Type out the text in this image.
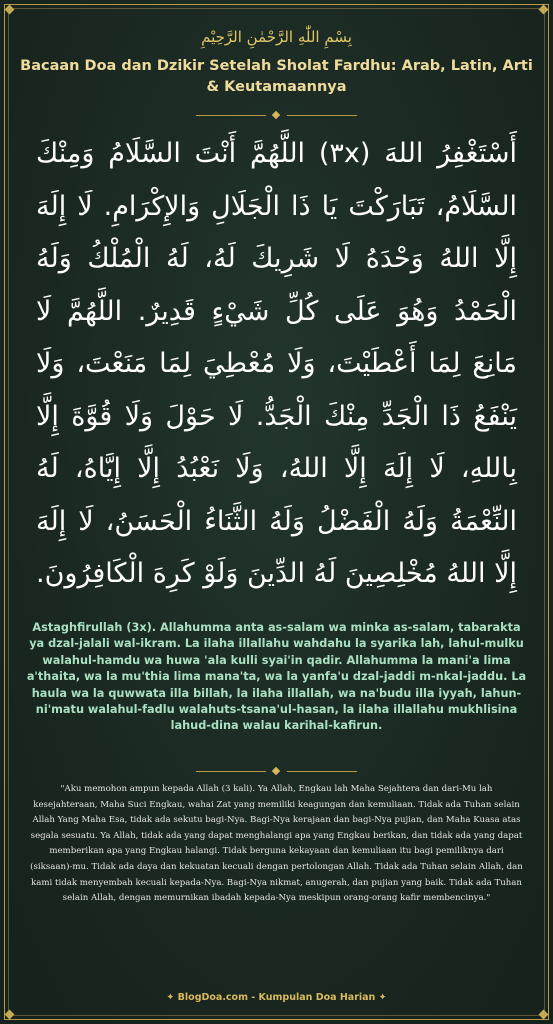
بِسْمِ اللّٰهِ الرَّحْمٰنِ الرَّحِيْمِ
Bacaan Doa dan Dzikir Setelah Sholat Fardhu: Arab, Latin, Arti & Keutamaannya
أَسْتَغْفِرُ اللهَ (٣x) اللَّهُمَّ أَنْتَ السَّلَامُ وَمِنْكَ السَّلَامُ، تَبَارَكْتَ يَا ذَا الْجَلَالِ وَالإِكْرَامِ. لَا إِلَهَ إِلَّا اللهُ وَحْدَهُ لَا شَرِيكَ لَهُ، لَهُ الْمُلْكُ وَلَهُ الْحَمْدُ وَهُوَ عَلَى كُلِّ شَيْءٍ قَدِيرٌ. اللَّهُمَّ لَا مَانِعَ لِمَا أَعْطَيْتَ، وَلَا مُعْطِيَ لِمَا مَنَعْتَ، وَلَا يَنْفَعُ ذَا الْجَدِّ مِنْكَ الْجَدُّ. لَا حَوْلَ وَلَا قُوَّةَ إِلَّا بِاللهِ، لَا إِلَهَ إِلَّا اللهُ، وَلَا نَعْبُدُ إِلَّا إِيَّاهُ، لَهُ النِّعْمَةُ وَلَهُ الْفَضْلُ وَلَهُ الثَّنَاءُ الْحَسَنُ، لَا إِلَهَ إِلَّا اللهُ مُخْلِصِينَ لَهُ الدِّينَ وَلَوْ كَرِهَ الْكَافِرُونَ.
Astaghfirullah (3x). Allahumma anta as-salam wa minka as-salam, tabarakta ya dzal-jalali wal-ikram. La ilaha illallahu wahdahu la syarika lah, lahul-mulku walahul-hamdu wa huwa 'ala kulli syai'in qadir. Allahumma la mani'a lima a'thaita, wa la mu'thia lima mana'ta, wa la yanfa'u dzal-jaddi m-nkal-jaddu. La haula wa la quwwata illa billah, la ilaha illallah, wa na'budu illa iyyah, lahun-ni'matu walahul-fadlu walahuts-tsana'ul-hasan, la ilaha illallahu mukhlisina lahud-dina walau karihal-kafirun.
"Aku memohon ampun kepada Allah (3 kali). Ya Allah, Engkau lah Maha Sejahtera dan dari-Mu lah kesejahteraan, Maha Suci Engkau, wahai Zat yang memiliki keagungan dan kemuliaan. Tidak ada Tuhan selain Allah Yang Maha Esa, tidak ada sekutu bagi-Nya. Bagi-Nya kerajaan dan bagi-Nya pujian, dan Maha Kuasa atas segala sesuatu. Ya Allah, tidak ada yang dapat menghalangi apa yang Engkau berikan, dan tidak ada yang dapat memberikan apa yang Engkau halangi. Tidak berguna kekayaan dan kemuliaan itu bagi pemiliknya dari (siksaan)-mu. Tidak ada daya dan kekuatan kecuali dengan pertolongan Allah. Tidak ada Tuhan selain Allah, dan kami tidak menyembah kecuali kepada-Nya. Bagi-Nya nikmat, anugerah, dan pujian yang baik. Tidak ada Tuhan selain Allah, dengan memurnikan ibadah kepada-Nya meskipun orang-orang kafir membencinya."
✦ BlogDoa.com - Kumpulan Doa Harian ✦
